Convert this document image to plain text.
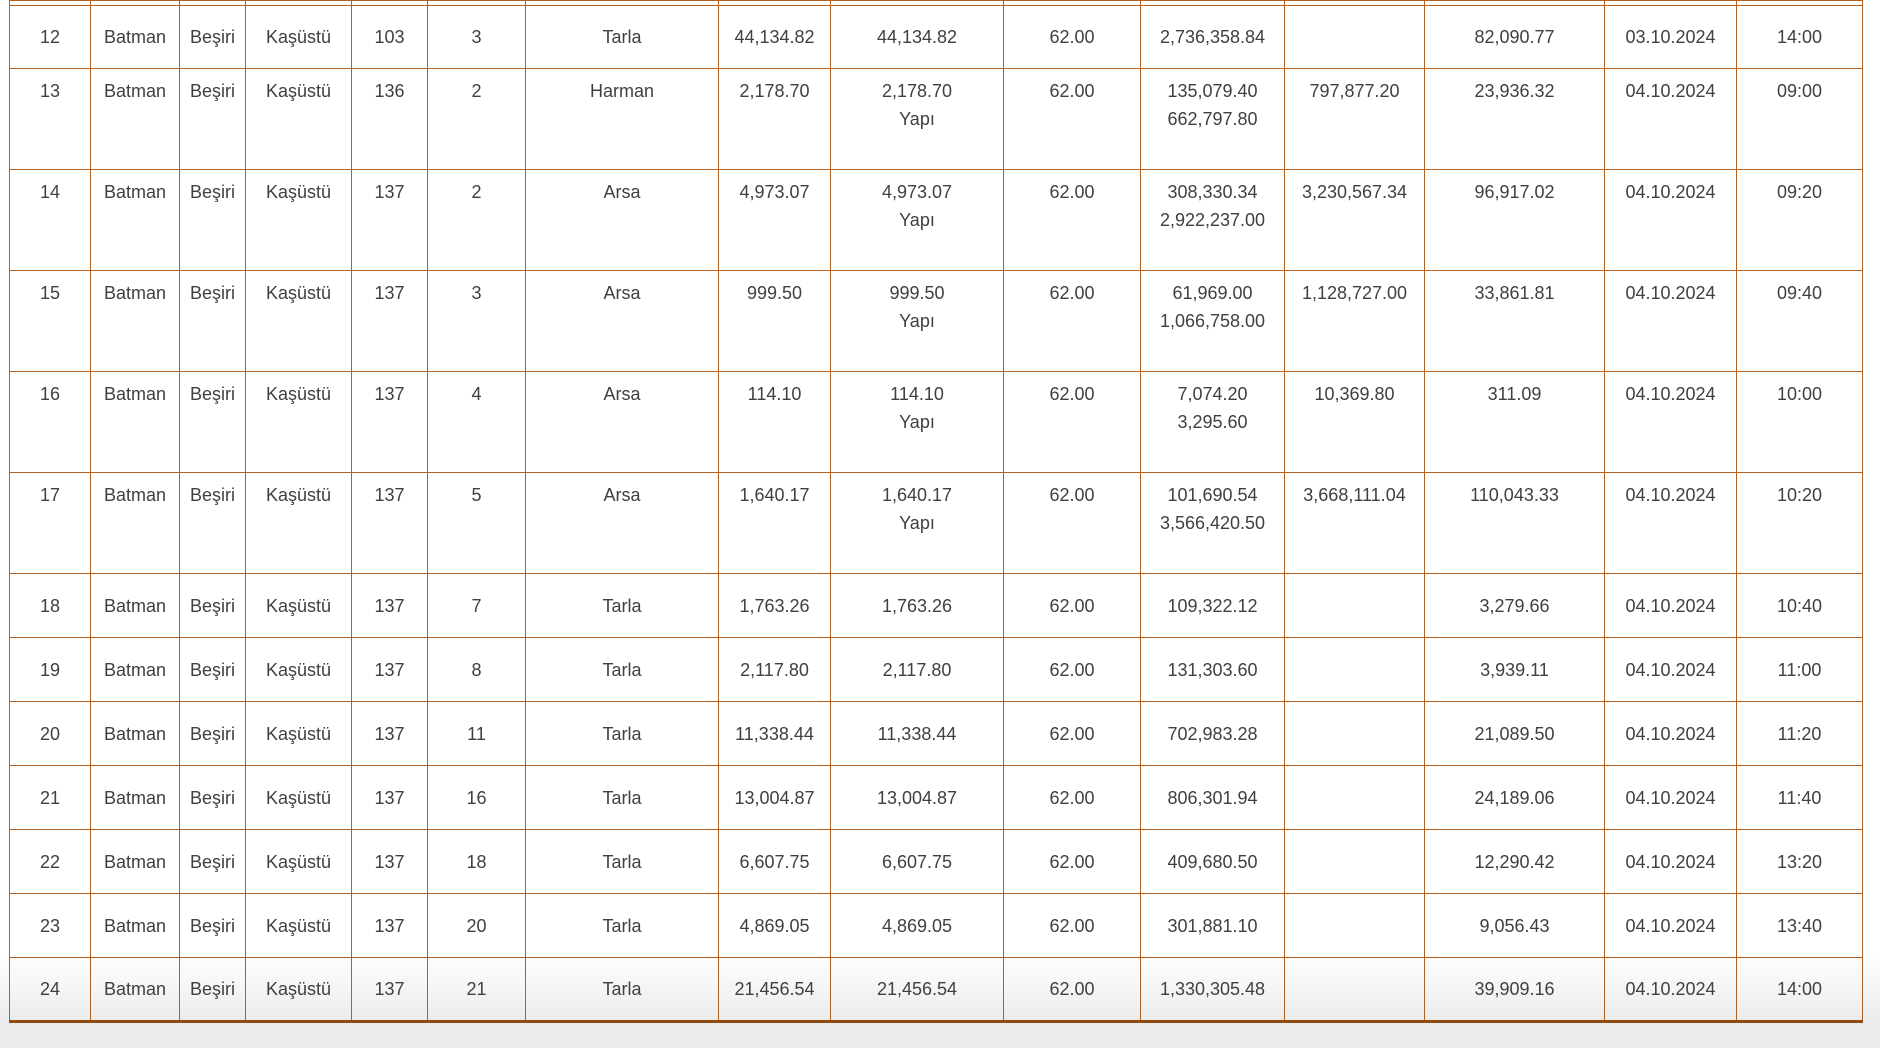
12	Batman	Beşiri	Kaşüstü	103	3	Tarla	44,134.82	44,134.82	62.00	2,736,358.84		82,090.77	03.10.2024	14:00
13	Batman	Beşiri	Kaşüstü	136	2	Harman	2,178.70	2,178.70
Yapı
	62.00	135,079.40
662,797.80
	797,877.20	23,936.32	04.10.2024	09:00
14	Batman	Beşiri	Kaşüstü	137	2	Arsa	4,973.07	4,973.07
Yapı
	62.00	308,330.34
2,922,237.00
	3,230,567.34	96,917.02	04.10.2024	09:20
15	Batman	Beşiri	Kaşüstü	137	3	Arsa	999.50	999.50
Yapı
	62.00	61,969.00
1,066,758.00
	1,128,727.00	33,861.81	04.10.2024	09:40
16	Batman	Beşiri	Kaşüstü	137	4	Arsa	114.10	114.10
Yapı
	62.00	7,074.20
3,295.60
	10,369.80	311.09	04.10.2024	10:00
17	Batman	Beşiri	Kaşüstü	137	5	Arsa	1,640.17	1,640.17
Yapı
	62.00	101,690.54
3,566,420.50
	3,668,111.04	110,043.33	04.10.2024	10:20
18	Batman	Beşiri	Kaşüstü	137	7	Tarla	1,763.26	1,763.26	62.00	109,322.12		3,279.66	04.10.2024	10:40
19	Batman	Beşiri	Kaşüstü	137	8	Tarla	2,117.80	2,117.80	62.00	131,303.60		3,939.11	04.10.2024	11:00
20	Batman	Beşiri	Kaşüstü	137	11	Tarla	11,338.44	11,338.44	62.00	702,983.28		21,089.50	04.10.2024	11:20
21	Batman	Beşiri	Kaşüstü	137	16	Tarla	13,004.87	13,004.87	62.00	806,301.94		24,189.06	04.10.2024	11:40
22	Batman	Beşiri	Kaşüstü	137	18	Tarla	6,607.75	6,607.75	62.00	409,680.50		12,290.42	04.10.2024	13:20
23	Batman	Beşiri	Kaşüstü	137	20	Tarla	4,869.05	4,869.05	62.00	301,881.10		9,056.43	04.10.2024	13:40
24	Batman	Beşiri	Kaşüstü	137	21	Tarla	21,456.54	21,456.54	62.00	1,330,305.48		39,909.16	04.10.2024	14:00
